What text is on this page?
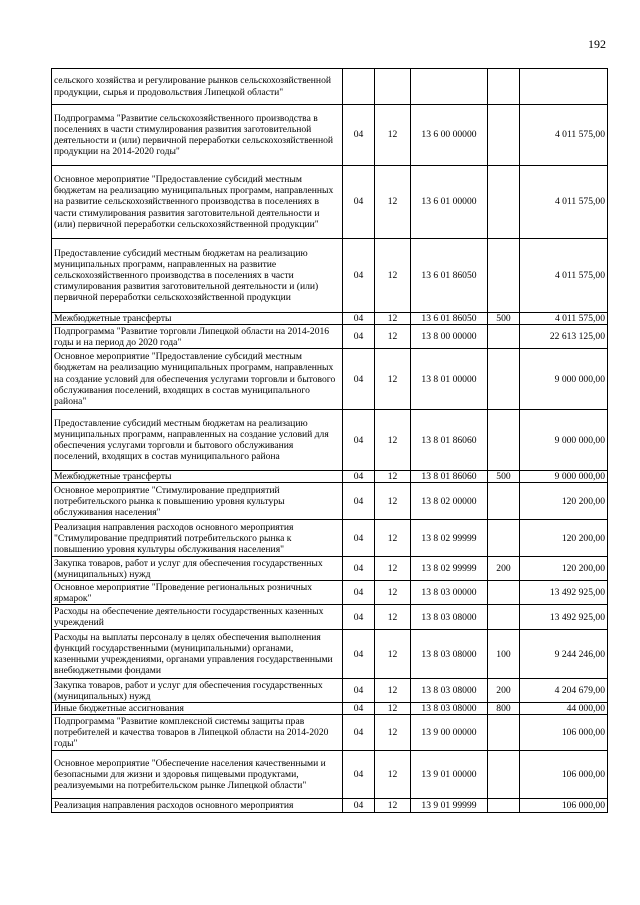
192
сельского хозяйства и регулирование рынков сельскохозяйственной продукции, сырья и продовольствия Липецкой области"					
Подпрограмма "Развитие сельскохозяйственного производства в поселениях в части стимулирования развития заготовительной деятельности и (или) первичной переработки сельскохозяйственной продукции на 2014-2020 годы"	04	12	13 6 00 00000		4 011 575,00
Основное мероприятие "Предоставление субсидий местным бюджетам на реализацию муниципальных программ, направленных на развитие сельскохозяйственного производства в поселениях в части стимулирования развития заготовительной деятельности и (или) первичной переработки сельскохозяйственной продукции"	04	12	13 6 01 00000		4 011 575,00
Предоставление субсидий местным бюджетам на реализацию муниципальных программ, направленных на развитие сельскохозяйственного производства в поселениях в части стимулирования развития заготовительной деятельности и (или) первичной переработки сельскохозяйственной продукции	04	12	13 6 01 86050		4 011 575,00
Межбюджетные трансферты	04	12	13 6 01 86050	500	4 011 575,00
Подпрограмма "Развитие торговли Липецкой области на 2014-2016 годы и на период до 2020 года"	04	12	13 8 00 00000		22 613 125,00
Основное мероприятие "Предоставление субсидий местным бюджетам на реализацию муниципальных программ, направленных на создание условий для обеспечения услугами торговли и бытового обслуживания поселений, входящих в состав муниципального района"	04	12	13 8 01 00000		9 000 000,00
Предоставление субсидий местным бюджетам на реализацию муниципальных программ, направленных на создание условий для обеспечения услугами торговли и бытового обслуживания поселений, входящих в состав муниципального района	04	12	13 8 01 86060		9 000 000,00
Межбюджетные трансферты	04	12	13 8 01 86060	500	9 000 000,00
Основное мероприятие "Стимулирование предприятий потребительского рынка к повышению уровня культуры обслуживания населения"	04	12	13 8 02 00000		120 200,00
Реализация направления расходов основного мероприятия "Стимулирование предприятий потребительского рынка к повышению уровня культуры обслуживания населения"	04	12	13 8 02 99999		120 200,00
Закупка товаров, работ и услуг для обеспечения государственных (муниципальных) нужд	04	12	13 8 02 99999	200	120 200,00
Основное мероприятие "Проведение региональных розничных ярмарок"	04	12	13 8 03 00000		13 492 925,00
Расходы на обеспечение деятельности государственных казенных учреждений	04	12	13 8 03 08000		13 492 925,00
Расходы на выплаты персоналу в целях обеспечения выполнения функций государственными (муниципальными) органами, казенными учреждениями, органами управления государственными внебюджетными фондами	04	12	13 8 03 08000	100	9 244 246,00
Закупка товаров, работ и услуг для обеспечения государственных (муниципальных) нужд	04	12	13 8 03 08000	200	4 204 679,00
Иные бюджетные ассигнования	04	12	13 8 03 08000	800	44 000,00
Подпрограмма "Развитие комплексной системы защиты прав потребителей и качества товаров в Липецкой области на 2014-2020 годы"	04	12	13 9 00 00000		106 000,00
Основное мероприятие "Обеспечение населения качественными и безопасными для жизни и здоровья пищевыми продуктами, реализуемыми на потребительском рынке Липецкой области"	04	12	13 9 01 00000		106 000,00
Реализация направления расходов основного мероприятия	04	12	13 9 01 99999		106 000,00
